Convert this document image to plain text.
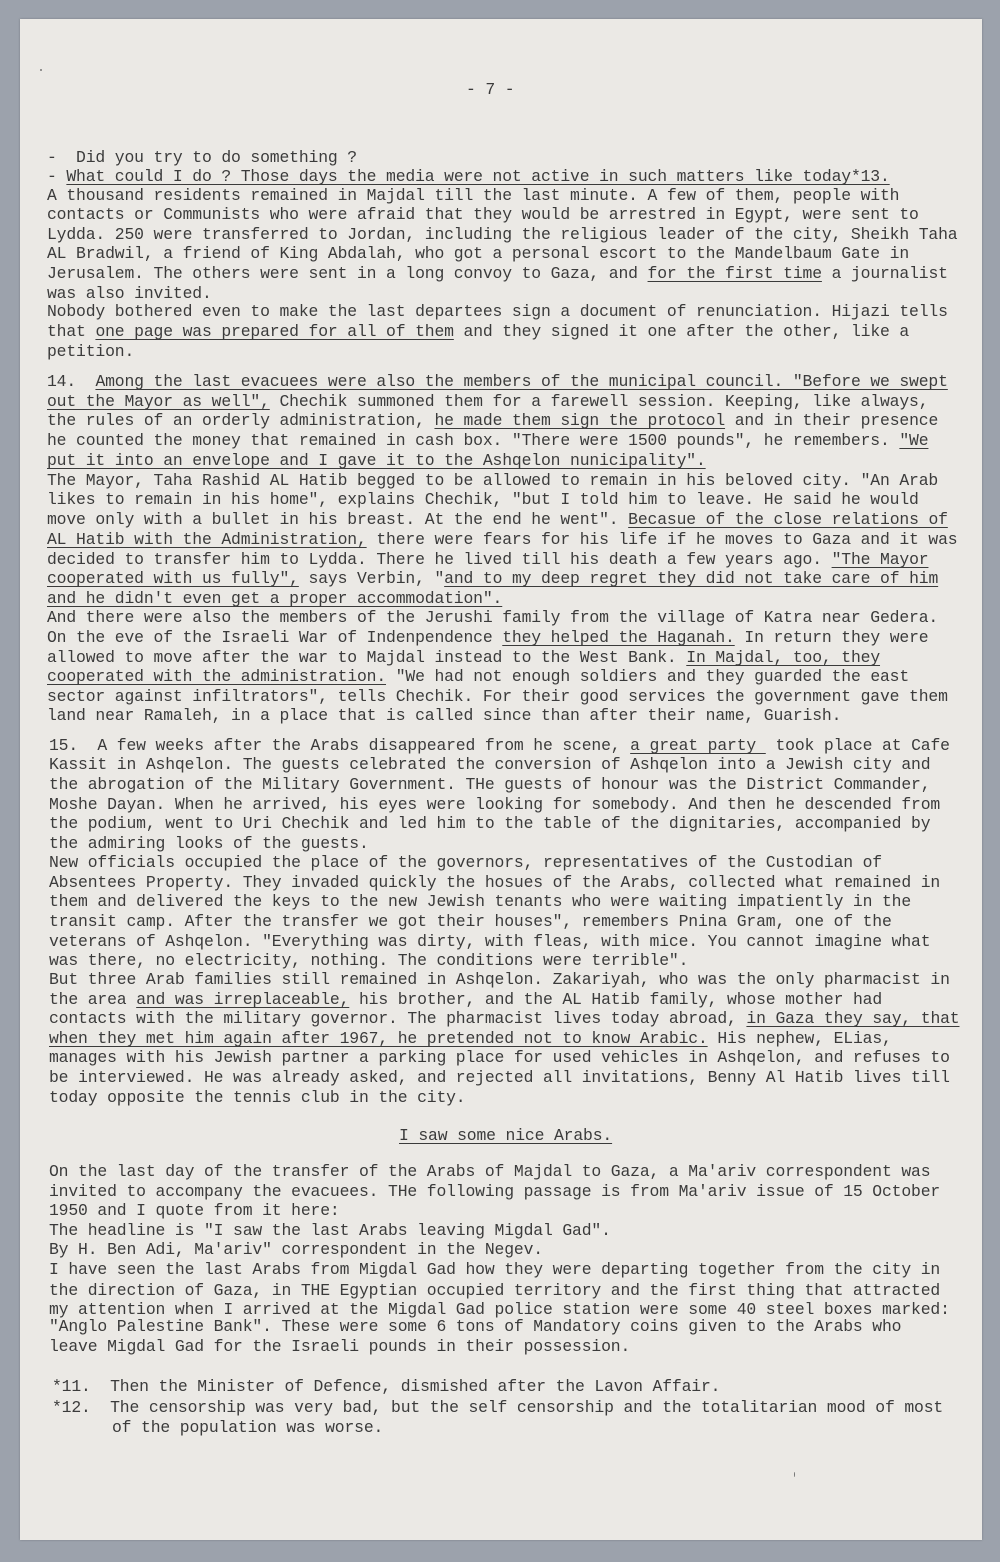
- 7 -
-  Did you try to do something ?
- What could I do ? Those days the media were not active in such matters like today*13.
A thousand residents remained in Majdal till the last minute. A few of them, people with
contacts or Communists who were afraid that they would be arrestred in Egypt, were sent to
Lydda. 250 were transferred to Jordan, including the religious leader of the city, Sheikh Taha
AL Bradwil, a friend of King Abdalah, who got a personal escort to the Mandelbaum Gate in
Jerusalem. The others were sent in a long convoy to Gaza, and for the first time a journalist
was also invited.
Nobody bothered even to make the last departees sign a document of renunciation. Hijazi tells
that one page was prepared for all of them and they signed it one after the other, like a
petition.
14.  Among the last evacuees were also the members of the municipal council. "Before we swept
out the Mayor as well", Chechik summoned them for a farewell session. Keeping, like always,
the rules of an orderly administration, he made them sign the protocol and in their presence
he counted the money that remained in cash box. "There were 1500 pounds", he remembers. "We
put it into an envelope and I gave it to the Ashqelon nunicipality".
The Mayor, Taha Rashid AL Hatib begged to be allowed to remain in his beloved city. "An Arab
likes to remain in his home", explains Chechik, "but I told him to leave. He said he would
move only with a bullet in his breast. At the end he went". Becasue of the close relations of
AL Hatib with the Administration, there were fears for his life if he moves to Gaza and it was
decided to transfer him to Lydda. There he lived till his death a few years ago. "The Mayor
cooperated with us fully", says Verbin, "and to my deep regret they did not take care of him
and he didn't even get a proper accommodation".
And there were also the members of the Jerushi family from the village of Katra near Gedera.
On the eve of the Israeli War of Indenpendence they helped the Haganah. In return they were
allowed to move after the war to Majdal instead to the West Bank. In Majdal, too, they
cooperated with the administration. "We had not enough soldiers and they guarded the east
sector against infiltrators", tells Chechik. For their good services the government gave them
land near Ramaleh, in a place that is called since than after their name, Guarish.
15.  A few weeks after the Arabs disappeared from he scene, a great party  took place at Cafe
Kassit in Ashqelon. The guests celebrated the conversion of Ashqelon into a Jewish city and
the abrogation of the Military Government. THe guests of honour was the District Commander,
Moshe Dayan. When he arrived, his eyes were looking for somebody. And then he descended from
the podium, went to Uri Chechik and led him to the table of the dignitaries, accompanied by
the admiring looks of the guests.
New officials occupied the place of the governors, representatives of the Custodian of
Absentees Property. They invaded quickly the hosues of the Arabs, collected what remained in
them and delivered the keys to the new Jewish tenants who were waiting impatiently in the
transit camp. After the transfer we got their houses", remembers Pnina Gram, one of the
veterans of Ashqelon. "Everything was dirty, with fleas, with mice. You cannot imagine what
was there, no electricity, nothing. The conditions were terrible".
But three Arab families still remained in Ashqelon. Zakariyah, who was the only pharmacist in
the area and was irreplaceable, his brother, and the AL Hatib family, whose mother had
contacts with the military governor. The pharmacist lives today abroad, in Gaza they say, that
when they met him again after 1967, he pretended not to know Arabic. His nephew, ELias,
manages with his Jewish partner a parking place for used vehicles in Ashqelon, and refuses to
be interviewed. He was already asked, and rejected all invitations, Benny Al Hatib lives till
today opposite the tennis club in the city.
I saw some nice Arabs.
On the last day of the transfer of the Arabs of Majdal to Gaza, a Ma'ariv correspondent was
invited to accompany the evacuees. THe following passage is from Ma'ariv issue of 15 October
1950 and I quote from it here:
The headline is "I saw the last Arabs leaving Migdal Gad".
By H. Ben Adi, Ma'ariv" correspondent in the Negev.
I have seen the last Arabs from Migdal Gad how they were departing together from the city in
the direction of Gaza, in THE Egyptian occupied territory and the first thing that attracted
my attention when I arrived at the Migdal Gad police station were some 40 steel boxes marked:
"Anglo Palestine Bank". These were some 6 tons of Mandatory coins given to the Arabs who
leave Migdal Gad for the Israeli pounds in their possession.
*11.  Then the Minister of Defence, dismished after the Lavon Affair.
*12.  The censorship was very bad, but the self censorship and the totalitarian mood of most
of the population was worse.
